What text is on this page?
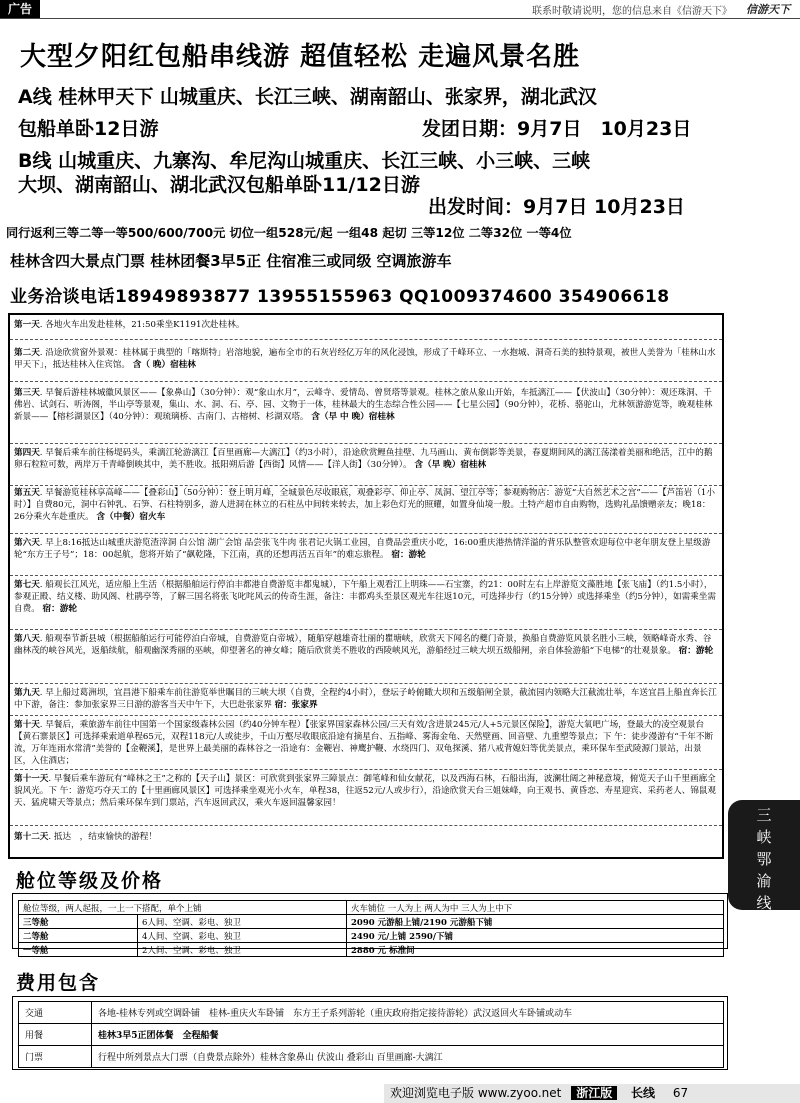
广告	联系时敬请说明，您的信息来自《信游天下》 信游天下
大型夕阳红包船串线游 超值轻松 走遍风景名胜
A线 桂林甲天下 山城重庆、长江三峡、湖南韶山、张家界，湖北武汉
包船单卧12日游	发团日期：9月7日　10月23日
B线 山城重庆、九寨沟、牟尼沟山城重庆、长江三峡、小三峡、三峡
大坝、湖南韶山、湖北武汉包船单卧11/12日游
出发时间：9月7日 10月23日
同行返利三等二等一等500/600/700元 切位一组528元/起 一组48 起切 三等12位 二等32位 一等4位
桂林含四大景点门票 桂林团餐3早5正 住宿准三或同级 空调旅游车
业务洽谈电话18949893877 13955155963 QQ1009374600 354906618
第一天. 各地火车出发赴桂林，21:50乘坐K1191次赴桂林。
第二天. 沿途欣赏窗外景观：桂林属于典型的「喀斯特」岩溶地貌，遍布全市的石灰岩经亿万年的风化浸蚀，形成了千峰环立、一水抱城、洞奇石美的独特景观，被世人美誉为「桂林山水甲天下」，抵达桂林入住宾馆。 含（ 晚）宿桂林
第三天. 早餐后游桂林城徽风景区——【象鼻山】（30分钟）：观“象山水月”，云峰寺、爱情岛、曾贤塔等景观。桂林之旅从象山开始，车抵漓江——【伏波山】（30分钟）：观还珠洞、千佛岩、试剑石、听涛阁，半山亭等景观，集山、水、洞、石、亭、园、文物于一体，桂林最大的生态综合性公园——【七星公园】（90分钟），花桥、骆驼山，尤林领游游览等，晚观桂林新景——【榕杉湖景区】（40分钟）：观琉璃桥、古南门、古榕树、杉湖双塔。 含（早 中 晚）宿桂林
第四天. 早餐后乘车前往杨堤码头，乘漓江轮游漓江【百里画廊—大漓江】（约3小时），沿途欣赏鲤鱼挂壁、九马画山、黄布倒影等美景，春夏期间风的漓江荡漾着美丽和绝活，江中的鹅卵石粒粒可数，两岸万千青峰倒映其中，美不胜收。抵阳朔后游【西街】风情——【洋人街】（30分钟）。 含（早 晚）宿桂林
第五天. 早餐游览桂林享高峰——【叠彩山】（50分钟）：登上明月峰，全城景色尽收眼底，观叠彩亭、仰止亭、凤洞、望江亭等；参观购物店：游览“大自然艺术之宫”——【芦笛岩（1小时）】自费80元，洞中石钟乳、石笋、石柱特别多，游人进洞在林立的石柱丛中间转来转去，加上彩色灯光的照耀，如置身仙境一般。土特产超市自由购物，选购礼品馈赠亲友；晚18：26分乘火车赴重庆。 含（中餐）宿火车
第六天. 早上8:16抵达山城重庆游览渣滓洞 白公馆 湖广会馆 品尝张飞牛肉 张君记火锅工业园，自费品尝重庆小吃，16:00重庆港热情洋溢的背乐队整管欢迎每位中老年朋友登上星级游轮“东方王子号”；18：00起航，您将开始了“飙乾隆，下江南，真的还想再活五百年”的难忘旅程。 宿：游轮
第七天. 船观长江风光，适应船上生活（根据船舶运行停泊丰都港自费游览丰都鬼城），下午船上观看江上明珠——石宝寨，约21：00时左右上岸游览文藻胜地【张飞庙】（约1.5小时），参观正殿、结义楼、助风阁、杜鹃亭等，了解三国名将张飞叱咤风云的传奇生涯，备注：丰都鸡头至景区观光车往返10元，可选择步行（约15分钟）或选择乘坐（约5分钟），如需乘坐需自费。 宿：游轮
第八天. 船观奉节新县城（根据船舶运行可能停泊白帝城，自费游览白帝城），随船穿越雄奇壮丽的瞿塘峡，欣赏天下闻名的夔门奇景，换船自费游览风景名胜小三峡，领略峰奇水秀、谷幽林茂的峡谷风光，返船续航，船观幽深秀丽的巫峡，仰望著名的神女峰；随后欣赏美不胜收的西陵峡风光，游船经过三峡大坝五级船闸，亲自体验游船“下电梯”的壮观景象。 宿：游轮
第九天. 早上船过葛洲坝，宜昌港下船乘车前往游览举世瞩目的三峡大坝（自费，全程约4小时），登坛子岭俯瞰大坝和五级船闸全景，截流园内领略大江截流壮举，车送宜昌上船直奔长江中下游，备注：参加张家界三日游的游客当天中午下，大巴赴张家界 宿：张家界
第十天. 早餐后，乘旅游车前往中国第一个国家级森林公园（约40分钟车程）【张家界国家森林公园/三天有效/含进景245元/人+5元景区保险】，游览大氧吧广场，登最大的凌空观景台【黄石寨景区】可选择乘索道单程65元，双程118元/人或徒步，千山万壑尽收眼底沿途有摘星台、五指峰、雾海金龟、天然壁画、回音壁、九重塑等景点；下 午：徒步漫游有“千年不断流，万年连雨水常清”美誉的【金鞭溪】，是世界上最美丽的森林谷之一沿途有：金鞭岩、神鹰护鞭、水绕四门、双龟探溪、猪八戒背媳妇等优美景点，乘环保车至武陵源门景站，出景区，入住酒店；
第十一天. 早餐后乘车游玩有“峰林之王”之称的【天子山】景区：可欣赏到张家界三障景点：御笔峰和仙女献花，以及西海石林，石船出海，波澜壮阔之神秘意境，俯览天子山千里画廊全貌风光。下 午：游览巧夺天工的【十里画廊风景区】可选择乘坐观光小火车，单程38，往返52元/人或步行），沿途欣赏天台三姐妹峰，向王观书、黄昏恋、寿星迎宾、采药老人、锦鼠观天、猛虎啸天等景点；然后乘环保车到门票站，汽车返回武汉，乘火车返回温馨家园！
第十二天. 抵达　，结束愉快的游程！
三
峡
鄂
渝
线
舱位等级及价格
舱位等级，两人起报，一上一下搭配，单个上铺		火车铺位 一人为上 两人为中 三人为上中下
三等舱	6人间、空调、彩电、独卫	2090 元游船上铺/2190 元游船下铺
二等舱	4人间、空调、彩电、独卫	2490 元/上铺 2590/下铺
一等舱	2人间、空调、彩电、独卫	2880 元 标准间
费用包含
交通	各地-桂林专列或空调卧铺　桂林-重庆火车卧铺　东方王子系列游轮（重庆政府指定接待游轮）武汉返回火车卧铺或动车
用餐	桂林3早5正团体餐　全程船餐
门票	行程中所列景点大门票（自费景点除外）桂林含象鼻山 伏波山 叠彩山 百里画廊-大漓江
欢迎浏览电子版 www.zyoo.net 浙江版 长线 67
